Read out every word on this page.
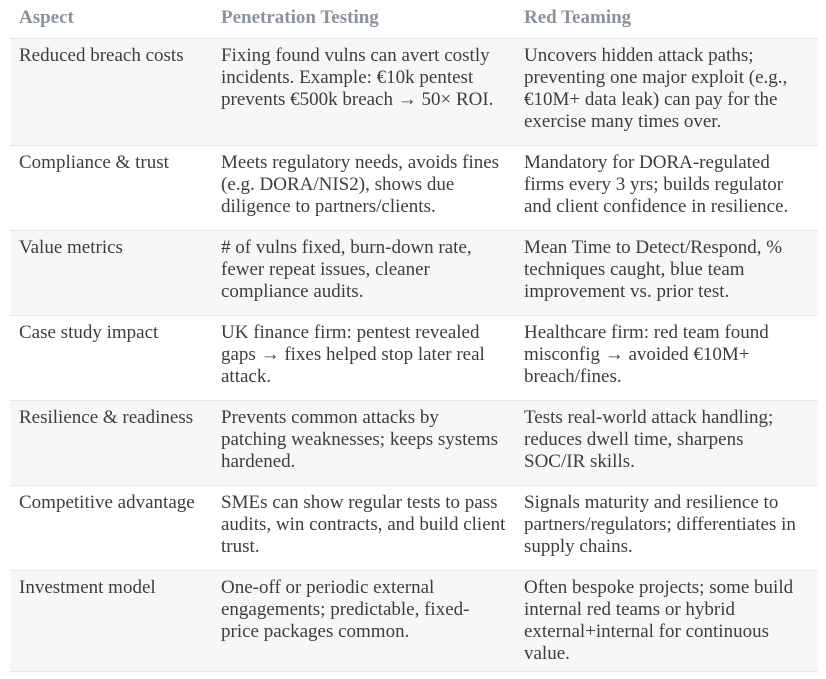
Aspect	Penetration Testing	Red Teaming
Reduced breach costs	Fixing found vulns can avert costly incidents. Example: €10k pentest prevents €500k breach → 50× ROI.	Uncovers hidden attack paths; preventing one major exploit (e.g., €10M+ data leak) can pay for the exercise many times over.
Compliance & trust	Meets regulatory needs, avoids fines (e.g. DORA/NIS2), shows due diligence to partners/clients.	Mandatory for DORA-regulated firms every 3 yrs; builds regulator and client confidence in resilience.
Value metrics	# of vulns fixed, burn-down rate, fewer repeat issues, cleaner compliance audits.	Mean Time to Detect/Respond, % techniques caught, blue team improvement vs. prior test.
Case study impact	UK finance firm: pentest revealed gaps → fixes helped stop later real attack.	Healthcare firm: red team found misconfig → avoided €10M+ breach/fines.
Resilience & readiness	Prevents common attacks by patching weaknesses; keeps systems hardened.	Tests real-world attack handling; reduces dwell time, sharpens SOC/IR skills.
Competitive advantage	SMEs can show regular tests to pass audits, win contracts, and build client trust.	Signals maturity and resilience to partners/regulators; differentiates in supply chains.
Investment model	One-off or periodic external engagements; predictable, fixed-price packages common.	Often bespoke projects; some build internal red teams or hybrid external+internal for continuous value.
